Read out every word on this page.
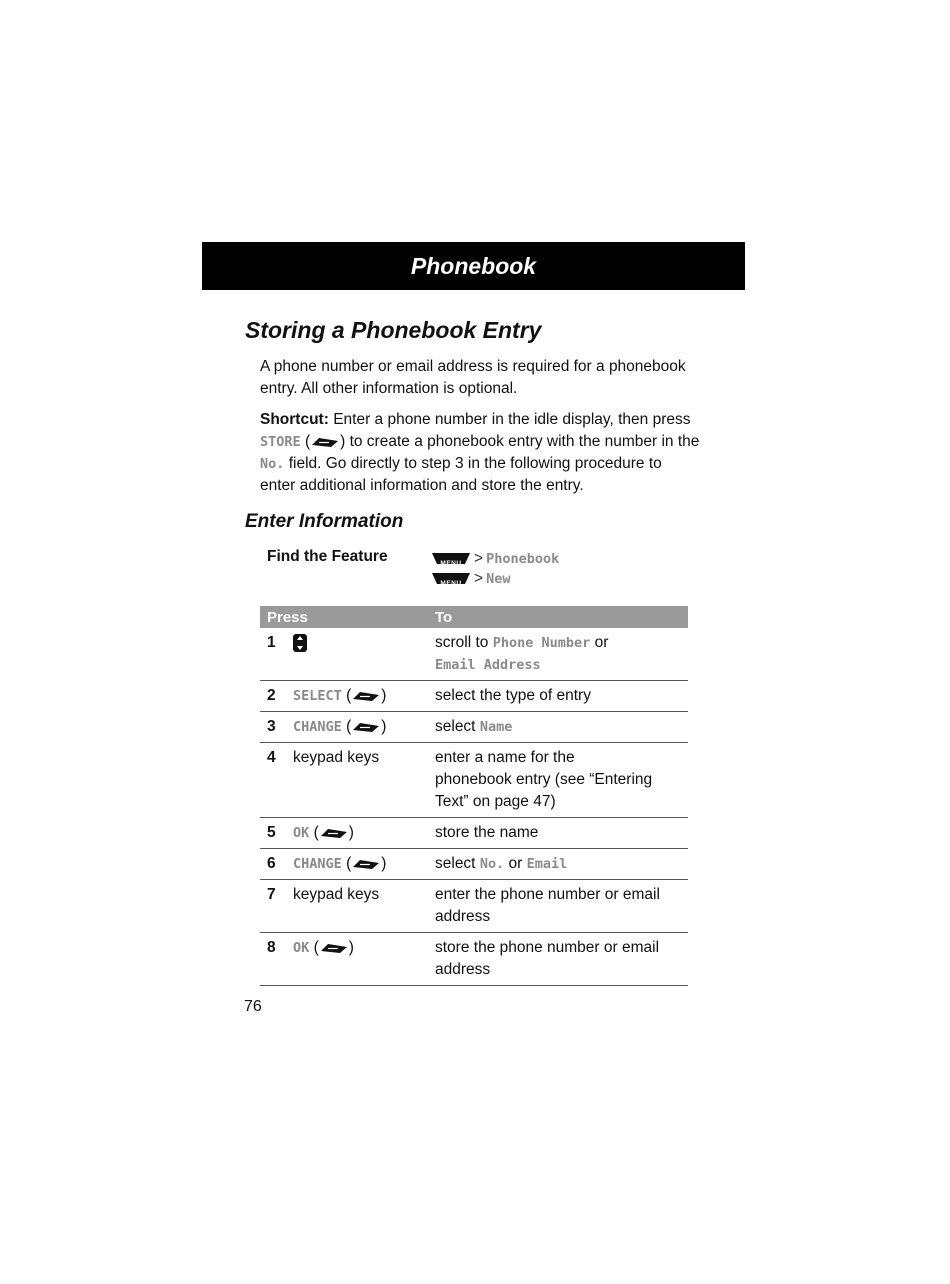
Phonebook
Storing a Phonebook Entry
A phone number or email address is required for a phonebook entry. All other information is optional.
Shortcut: Enter a phone number in the idle display, then press STORE ( ) to create a phonebook entry with the number in the No. field. Go directly to step 3 in the following procedure to enter additional information and store the entry.
Enter Information
Find the Feature	MENU > Phonebook
MENU > New
Press		To
1		scroll to Phone Number or
Email Address
2	SELECT ( )	select the type of entry
3	CHANGE ( )	select Name
4	keypad keys	enter a name for the phonebook entry (see “Entering Text” on page 47)

5	OK ( )	store the name
6	CHANGE ( )	select No. or Email
7	keypad keys	enter the phone number or email address

8	OK ( )	store the phone number or email address
76
